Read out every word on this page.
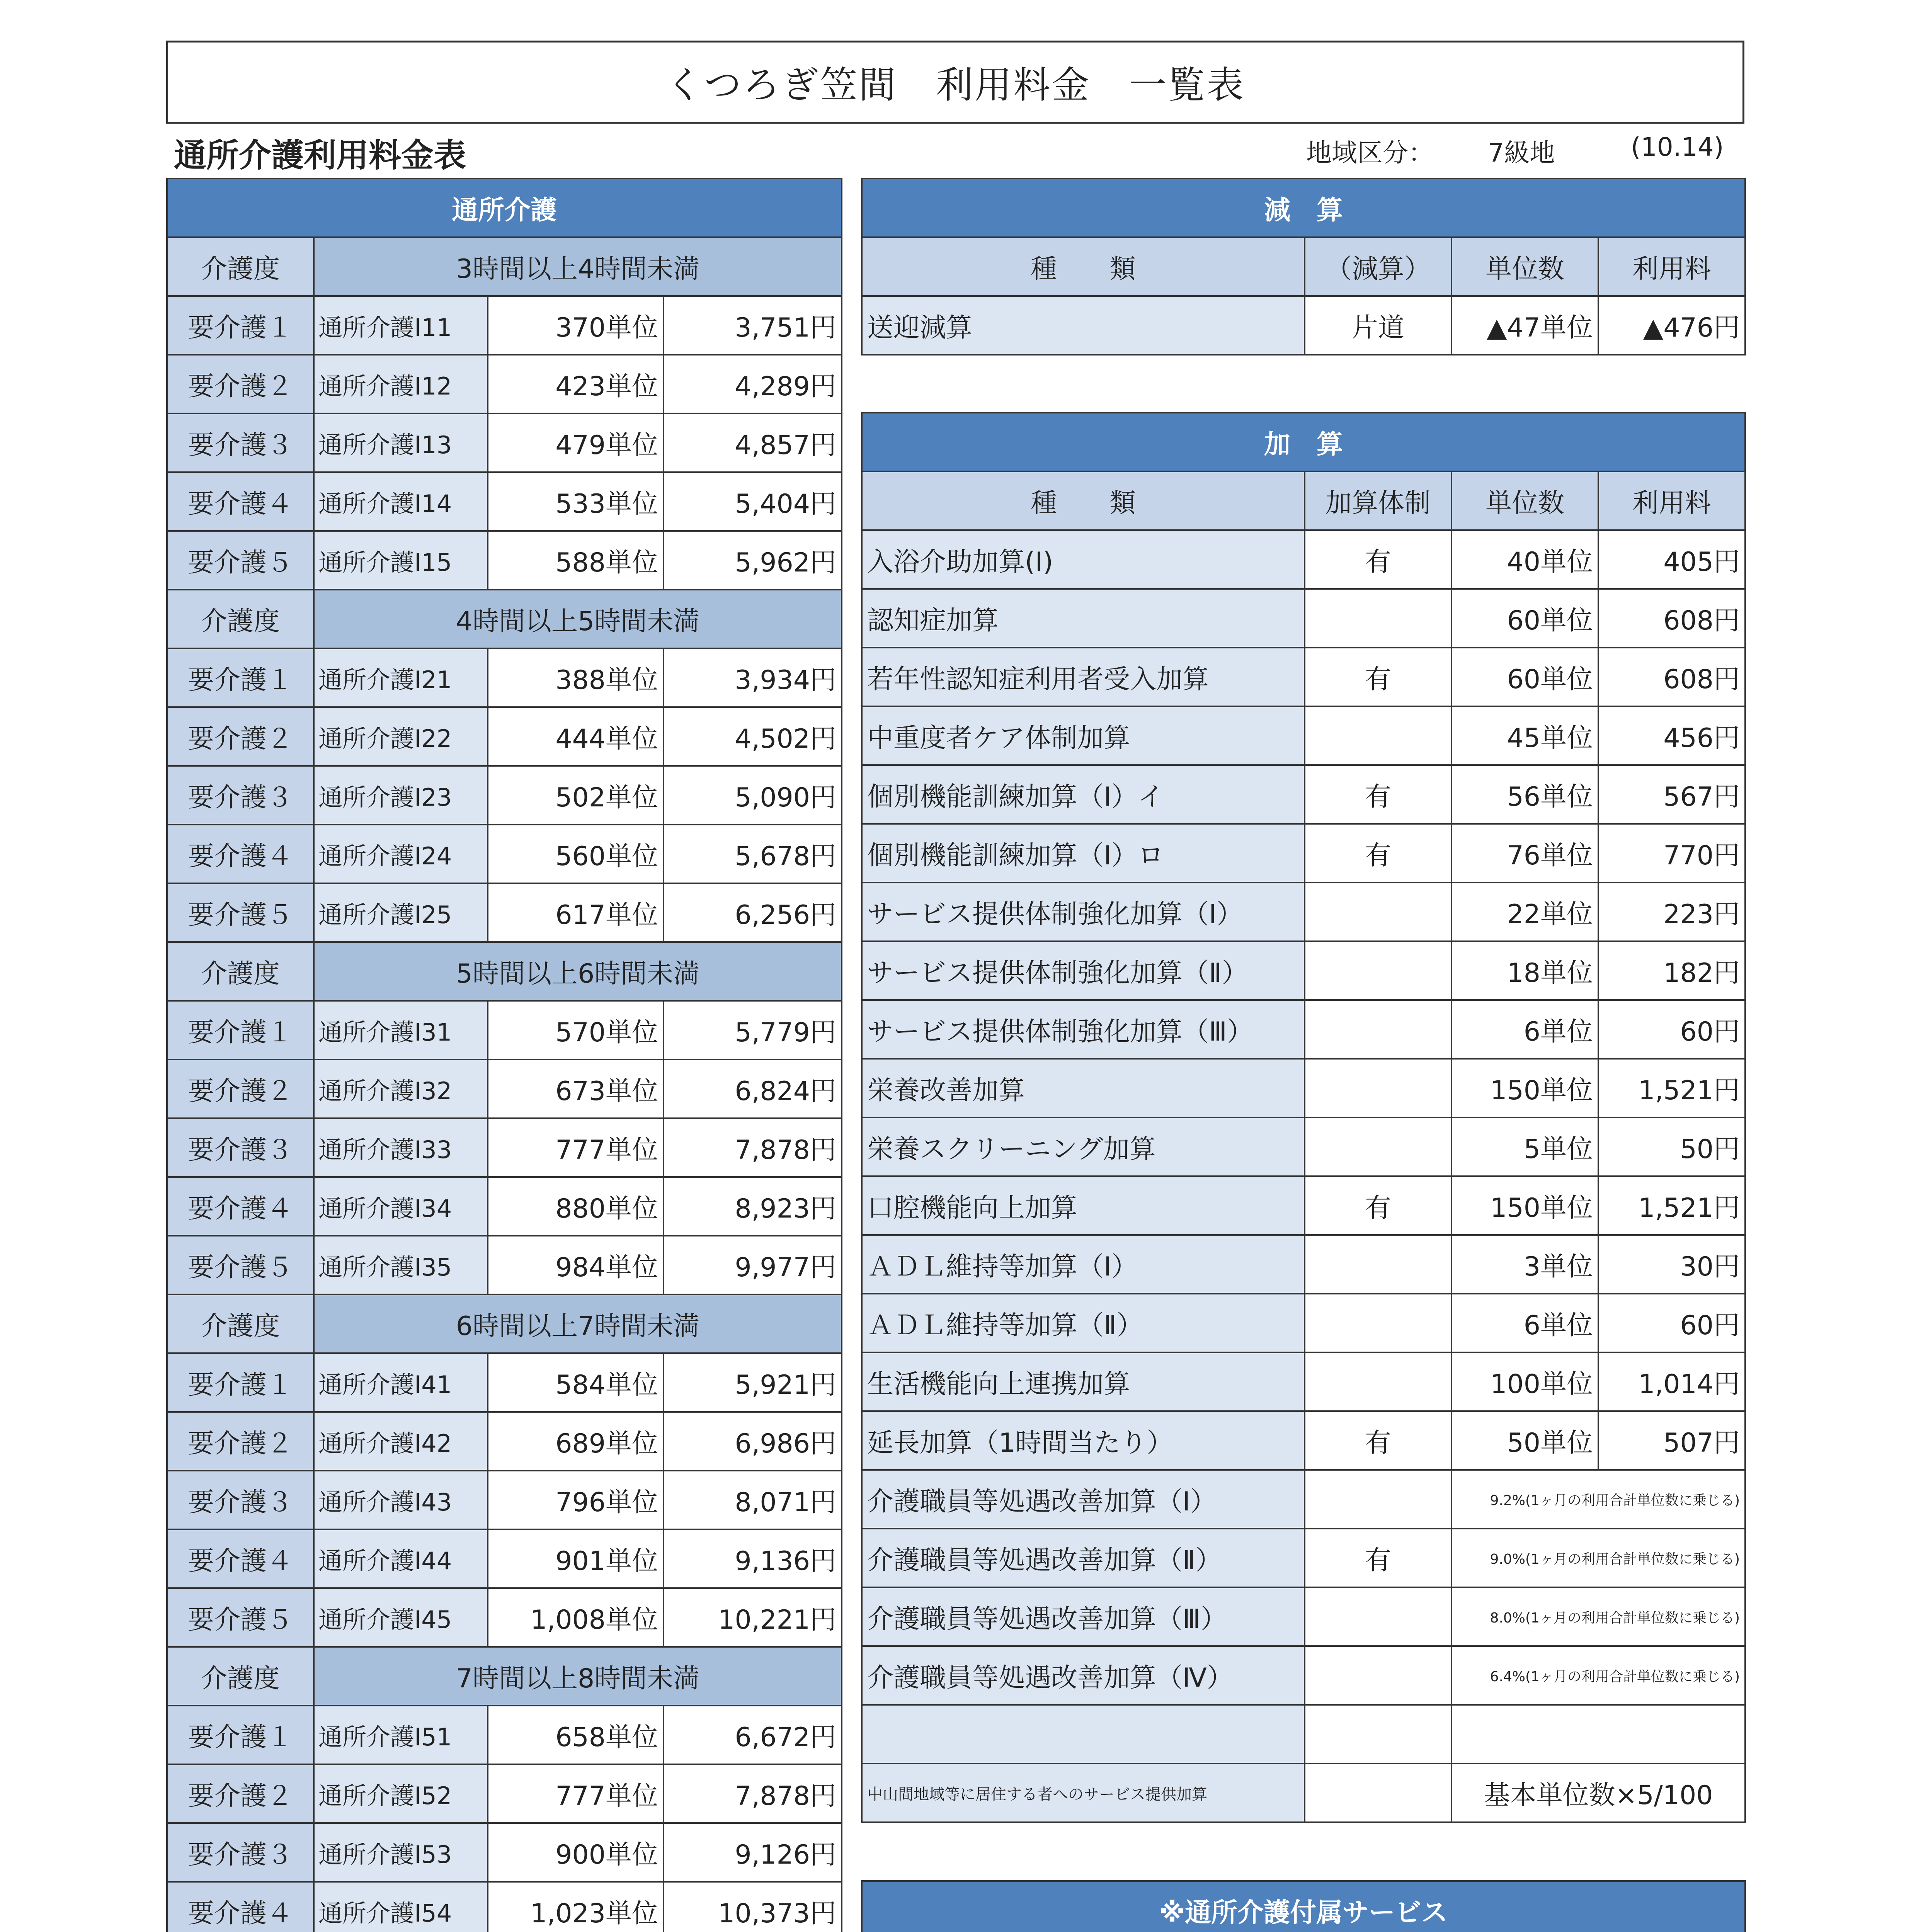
くつろぎ笠間　利用料金　一覧表
通所介護利用料金表	地域区分： 7級地	(10.14)
通所介護			
介護度	3時間以上4時間未満		
要介護１	通所介護Ⅰ11	370単位	3,751円
要介護２	通所介護Ⅰ12	423単位	4,289円
要介護３	通所介護Ⅰ13	479単位	4,857円
要介護４	通所介護Ⅰ14	533単位	5,404円
要介護５	通所介護Ⅰ15	588単位	5,962円
介護度	4時間以上5時間未満		
要介護１	通所介護Ⅰ21	388単位	3,934円
要介護２	通所介護Ⅰ22	444単位	4,502円
要介護３	通所介護Ⅰ23	502単位	5,090円
要介護４	通所介護Ⅰ24	560単位	5,678円
要介護５	通所介護Ⅰ25	617単位	6,256円
介護度	5時間以上6時間未満		
要介護１	通所介護Ⅰ31	570単位	5,779円
要介護２	通所介護Ⅰ32	673単位	6,824円
要介護３	通所介護Ⅰ33	777単位	7,878円
要介護４	通所介護Ⅰ34	880単位	8,923円
要介護５	通所介護Ⅰ35	984単位	9,977円
介護度	6時間以上7時間未満		
要介護１	通所介護Ⅰ41	584単位	5,921円
要介護２	通所介護Ⅰ42	689単位	6,986円
要介護３	通所介護Ⅰ43	796単位	8,071円
要介護４	通所介護Ⅰ44	901単位	9,136円
要介護５	通所介護Ⅰ45	1,008単位	10,221円
介護度	7時間以上8時間未満		
要介護１	通所介護Ⅰ51	658単位	6,672円
要介護２	通所介護Ⅰ52	777単位	7,878円
要介護３	通所介護Ⅰ53	900単位	9,126円
要介護４	通所介護Ⅰ54	1,023単位	10,373円

減　算			
種　　類	（減算）	単位数	利用料
送迎減算	片道	▲47単位	▲476円
加　算			
種　　類	加算体制	単位数	利用料
入浴介助加算(Ⅰ)	有	40単位	405円
認知症加算		60単位	608円
若年性認知症利用者受入加算	有	60単位	608円
中重度者ケア体制加算		45単位	456円
個別機能訓練加算（Ⅰ）イ	有	56単位	567円
個別機能訓練加算（Ⅰ）ロ	有	76単位	770円
サービス提供体制強化加算（Ⅰ）		22単位	223円
サービス提供体制強化加算（Ⅱ）		18単位	182円
サービス提供体制強化加算（Ⅲ）		6単位	60円
栄養改善加算		150単位	1,521円
栄養スクリーニング加算		5単位	50円
口腔機能向上加算	有	150単位	1,521円
ＡＤＬ維持等加算（Ⅰ）		3単位	30円
ＡＤＬ維持等加算（Ⅱ）		6単位	60円
生活機能向上連携加算		100単位	1,014円
延長加算（1時間当たり）	有	50単位	507円
介護職員等処遇改善加算（Ⅰ）		9.2%(1ヶ月の利用合計単位数に乗じる)	
介護職員等処遇改善加算（Ⅱ）	有	9.0%(1ヶ月の利用合計単位数に乗じる)	
介護職員等処遇改善加算（Ⅲ）		8.0%(1ヶ月の利用合計単位数に乗じる)	
介護職員等処遇改善加算（Ⅳ）		6.4%(1ヶ月の利用合計単位数に乗じる)	

中山間地域等に居住する者へのサービス提供加算		基本単位数×5/100	
※通所介護付属サービス		
